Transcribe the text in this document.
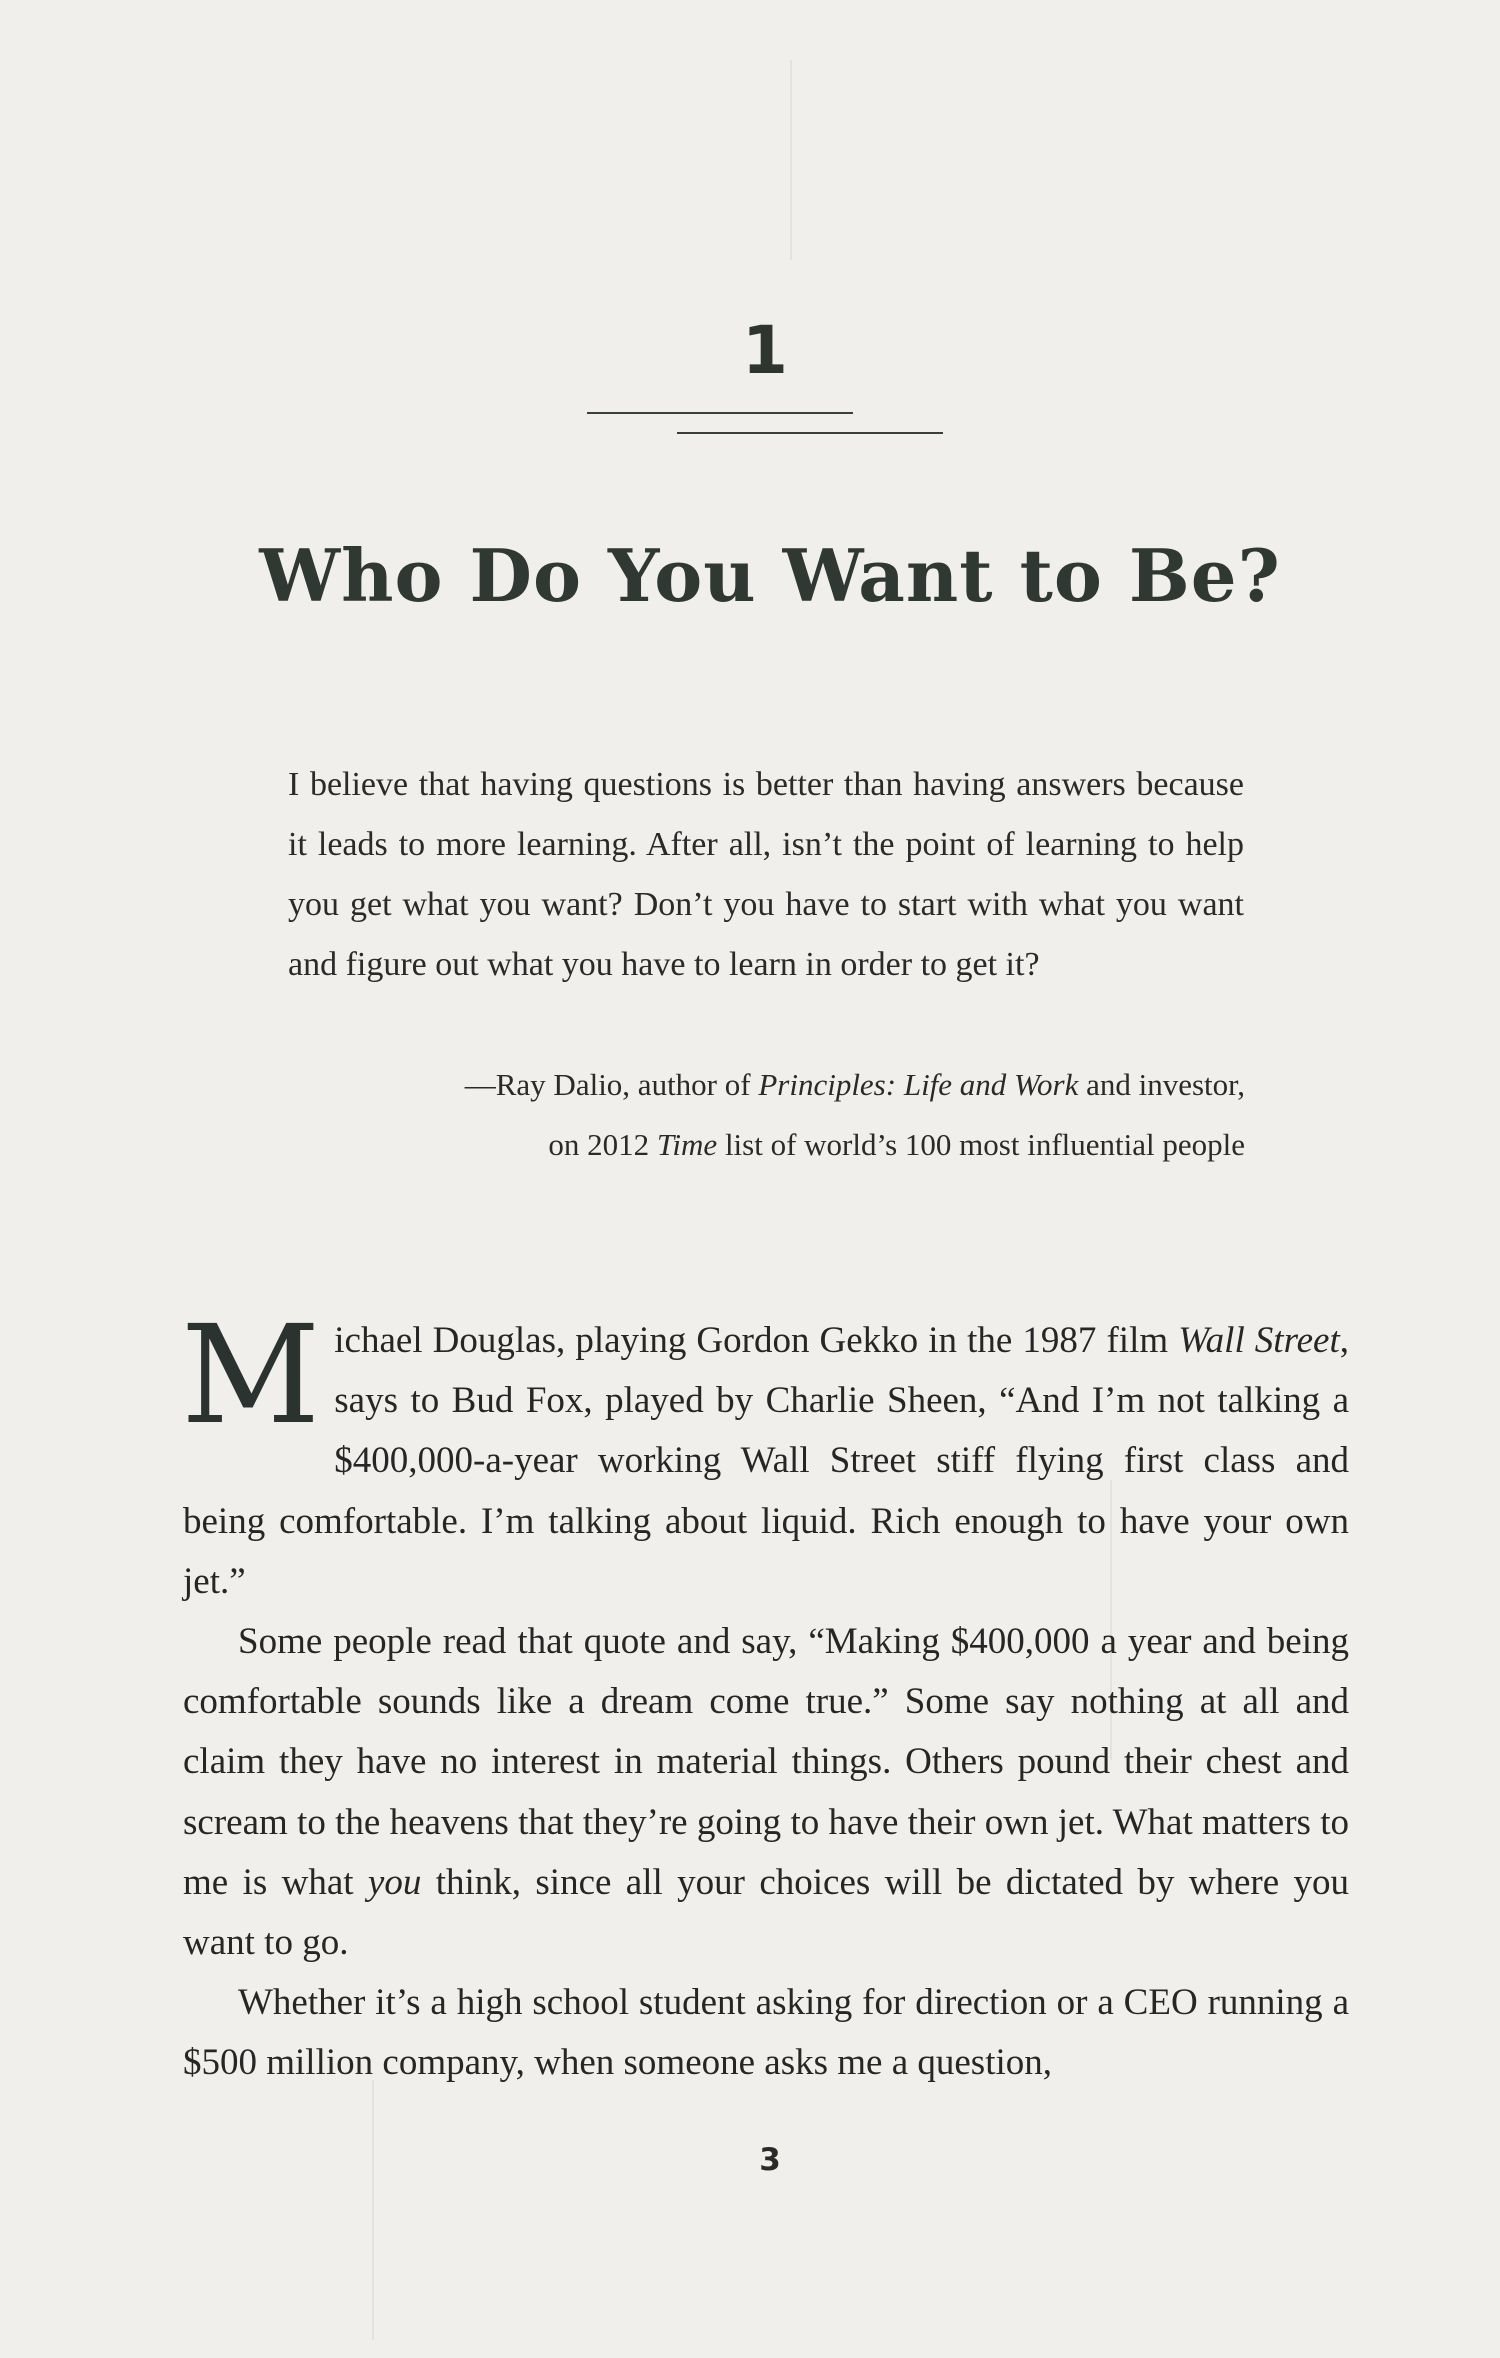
1
Who Do You Want to Be?
I believe that having questions is better than having answers because it leads to more learning. After all, isn’t the point of learning to help you get what you want? Don’t you have to start with what you want and figure out what you have to learn in order to get it?
—Ray Dalio, author of Principles: Life and Work and investor,
on 2012 Time list of world’s 100 most influential people

Michael Douglas, playing Gordon Gekko in the 1987 film Wall Street, says to Bud Fox, played by Charlie Sheen, “And I’m not talking a $400,000-a-year working Wall Street stiff flying first class and being comfortable. I’m talking about liquid. Rich enough to have your own jet.”

Some people read that quote and say, “Making $400,000 a year and being comfortable sounds like a dream come true.” Some say nothing at all and claim they have no interest in material things. Others pound their chest and scream to the heavens that they’re going to have their own jet. What matters to me is what you think, since all your choices will be dictated by where you want to go.

Whether it’s a high school student asking for direction or a CEO running a $500 million company, when someone asks me a question,

3
